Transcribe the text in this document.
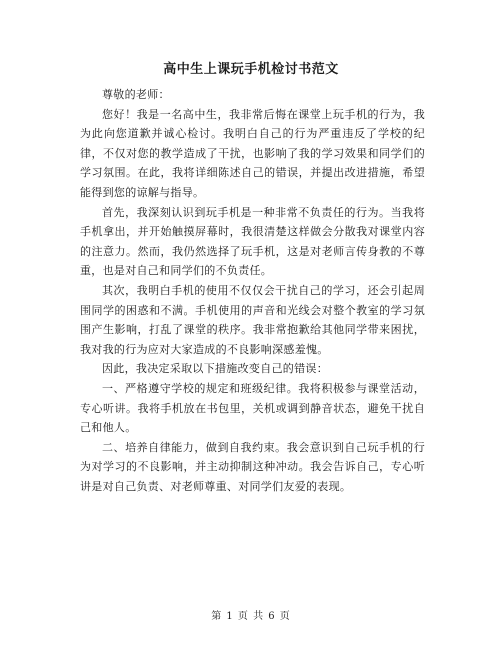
高中生上课玩手机检讨书范文

尊敬的老师：

您好！我是一名高中生，我非常后悔在课堂上玩手机的行为，我为此向您道歉并诚心检讨。我明白自己的行为严重违反了学校的纪律，不仅对您的教学造成了干扰，也影响了我的学习效果和同学们的学习氛围。在此，我将详细陈述自己的错误，并提出改进措施，希望能得到您的谅解与指导。

首先，我深刻认识到玩手机是一种非常不负责任的行为。当我将手机拿出，并开始触摸屏幕时，我很清楚这样做会分散我对课堂内容的注意力。然而，我仍然选择了玩手机，这是对老师言传身教的不尊重，也是对自己和同学们的不负责任。

其次，我明白手机的使用不仅仅会干扰自己的学习，还会引起周围同学的困惑和不满。手机使用的声音和光线会对整个教室的学习氛围产生影响，打乱了课堂的秩序。我非常抱歉给其他同学带来困扰，我对我的行为应对大家造成的不良影响深感羞愧。

因此，我决定采取以下措施改变自己的错误：

一、严格遵守学校的规定和班级纪律。我将积极参与课堂活动，专心听讲。我将手机放在书包里，关机或调到静音状态，避免干扰自己和他人。

二、培养自律能力，做到自我约束。我会意识到自己玩手机的行为对学习的不良影响，并主动抑制这种冲动。我会告诉自己，专心听讲是对自己负责、对老师尊重、对同学们友爱的表现。

第 1 页 共 6 页
